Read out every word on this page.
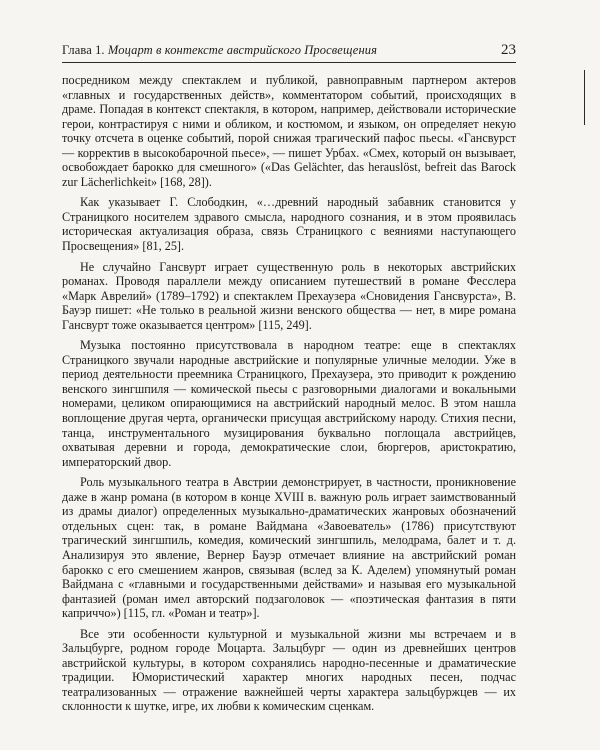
Глава 1. Моцарт в контексте австрийского Просвещения	23

посредником между спектаклем и публикой, равноправным партнером актеров «главных и государственных действ», комментатором событий, происходящих в драме. Попадая в контекст спектакля, в котором, например, действовали исторические герои, контрастируя с ними и обликом, и костюмом, и языком, он определяет некую точку отсчета в оценке событий, порой снижая трагический пафос пьесы. «Гансвурст — корректив в высокобарочной пьесе», — пишет Урбах. «Смех, который он вызывает, освобождает барокко для смешного» («Das Gelächter, das herauslöst, befreit das Barock zur Lächerlichkeit» [168, 28]).

Как указывает Г. Слободкин, «…древний народный забавник становится у Страницкого носителем здравого смысла, народного сознания, и в этом проявилась историческая актуализация образа, связь Страницкого с веяниями наступающего Просвещения» [81, 25].

Не случайно Гансвурт играет существенную роль в некоторых австрийских романах. Проводя параллели между описанием путешествий в романе Фесслера «Марк Аврелий» (1789–1792) и спектаклем Прехаузера «Сновидения Гансвурста», В. Бауэр пишет: «Не только в реальной жизни венского общества — нет, в мире романа Гансвурт тоже оказывается центром» [115, 249].

Музыка постоянно присутствовала в народном театре: еще в спектаклях Страницкого звучали народные австрийские и популярные уличные мелодии. Уже в период деятельности преемника Страницкого, Прехаузера, это приводит к рождению венского зингшпиля — комической пьесы с разговорными диалогами и вокальными номерами, целиком опирающимися на австрийский народный мелос. В этом нашла воплощение другая черта, органически присущая австрийскому народу. Стихия песни, танца, инструментального музицирования буквально поглощала австрийцев, охватывая деревни и города, демократические слои, бюргеров, аристократию, императорский двор.

Роль музыкального театра в Австрии демонстрирует, в частности, проникновение даже в жанр романа (в котором в конце XVIII в. важную роль играет заимствованный из драмы диалог) определенных музыкально-драматических жанровых обозначений отдельных сцен: так, в романе Вайдмана «Завоеватель» (1786) присутствуют трагический зингшпиль, комедия, комический зингшпиль, мелодрама, балет и т. д. Анализируя это явление, Вернер Бауэр отмечает влияние на австрийский роман барокко с его смешением жанров, связывая (вслед за К. Аделем) упомянутый роман Вайдмана с «главными и государственными действами» и называя его музыкальной фантазией (роман имел авторский подзаголовок — «поэтическая фантазия в пяти каприччо») [115, гл. «Роман и театр»].

Все эти особенности культурной и музыкальной жизни мы встречаем и в Зальцбурге, родном городе Моцарта. Зальцбург — один из древнейших центров австрийской культуры, в котором сохранялись народно-песенные и драматические традиции. Юмористический характер многих народных песен, подчас театрализованных — отражение важнейшей черты характера зальцбуржцев — их склонности к шутке, игре, их любви к комическим сценкам.
